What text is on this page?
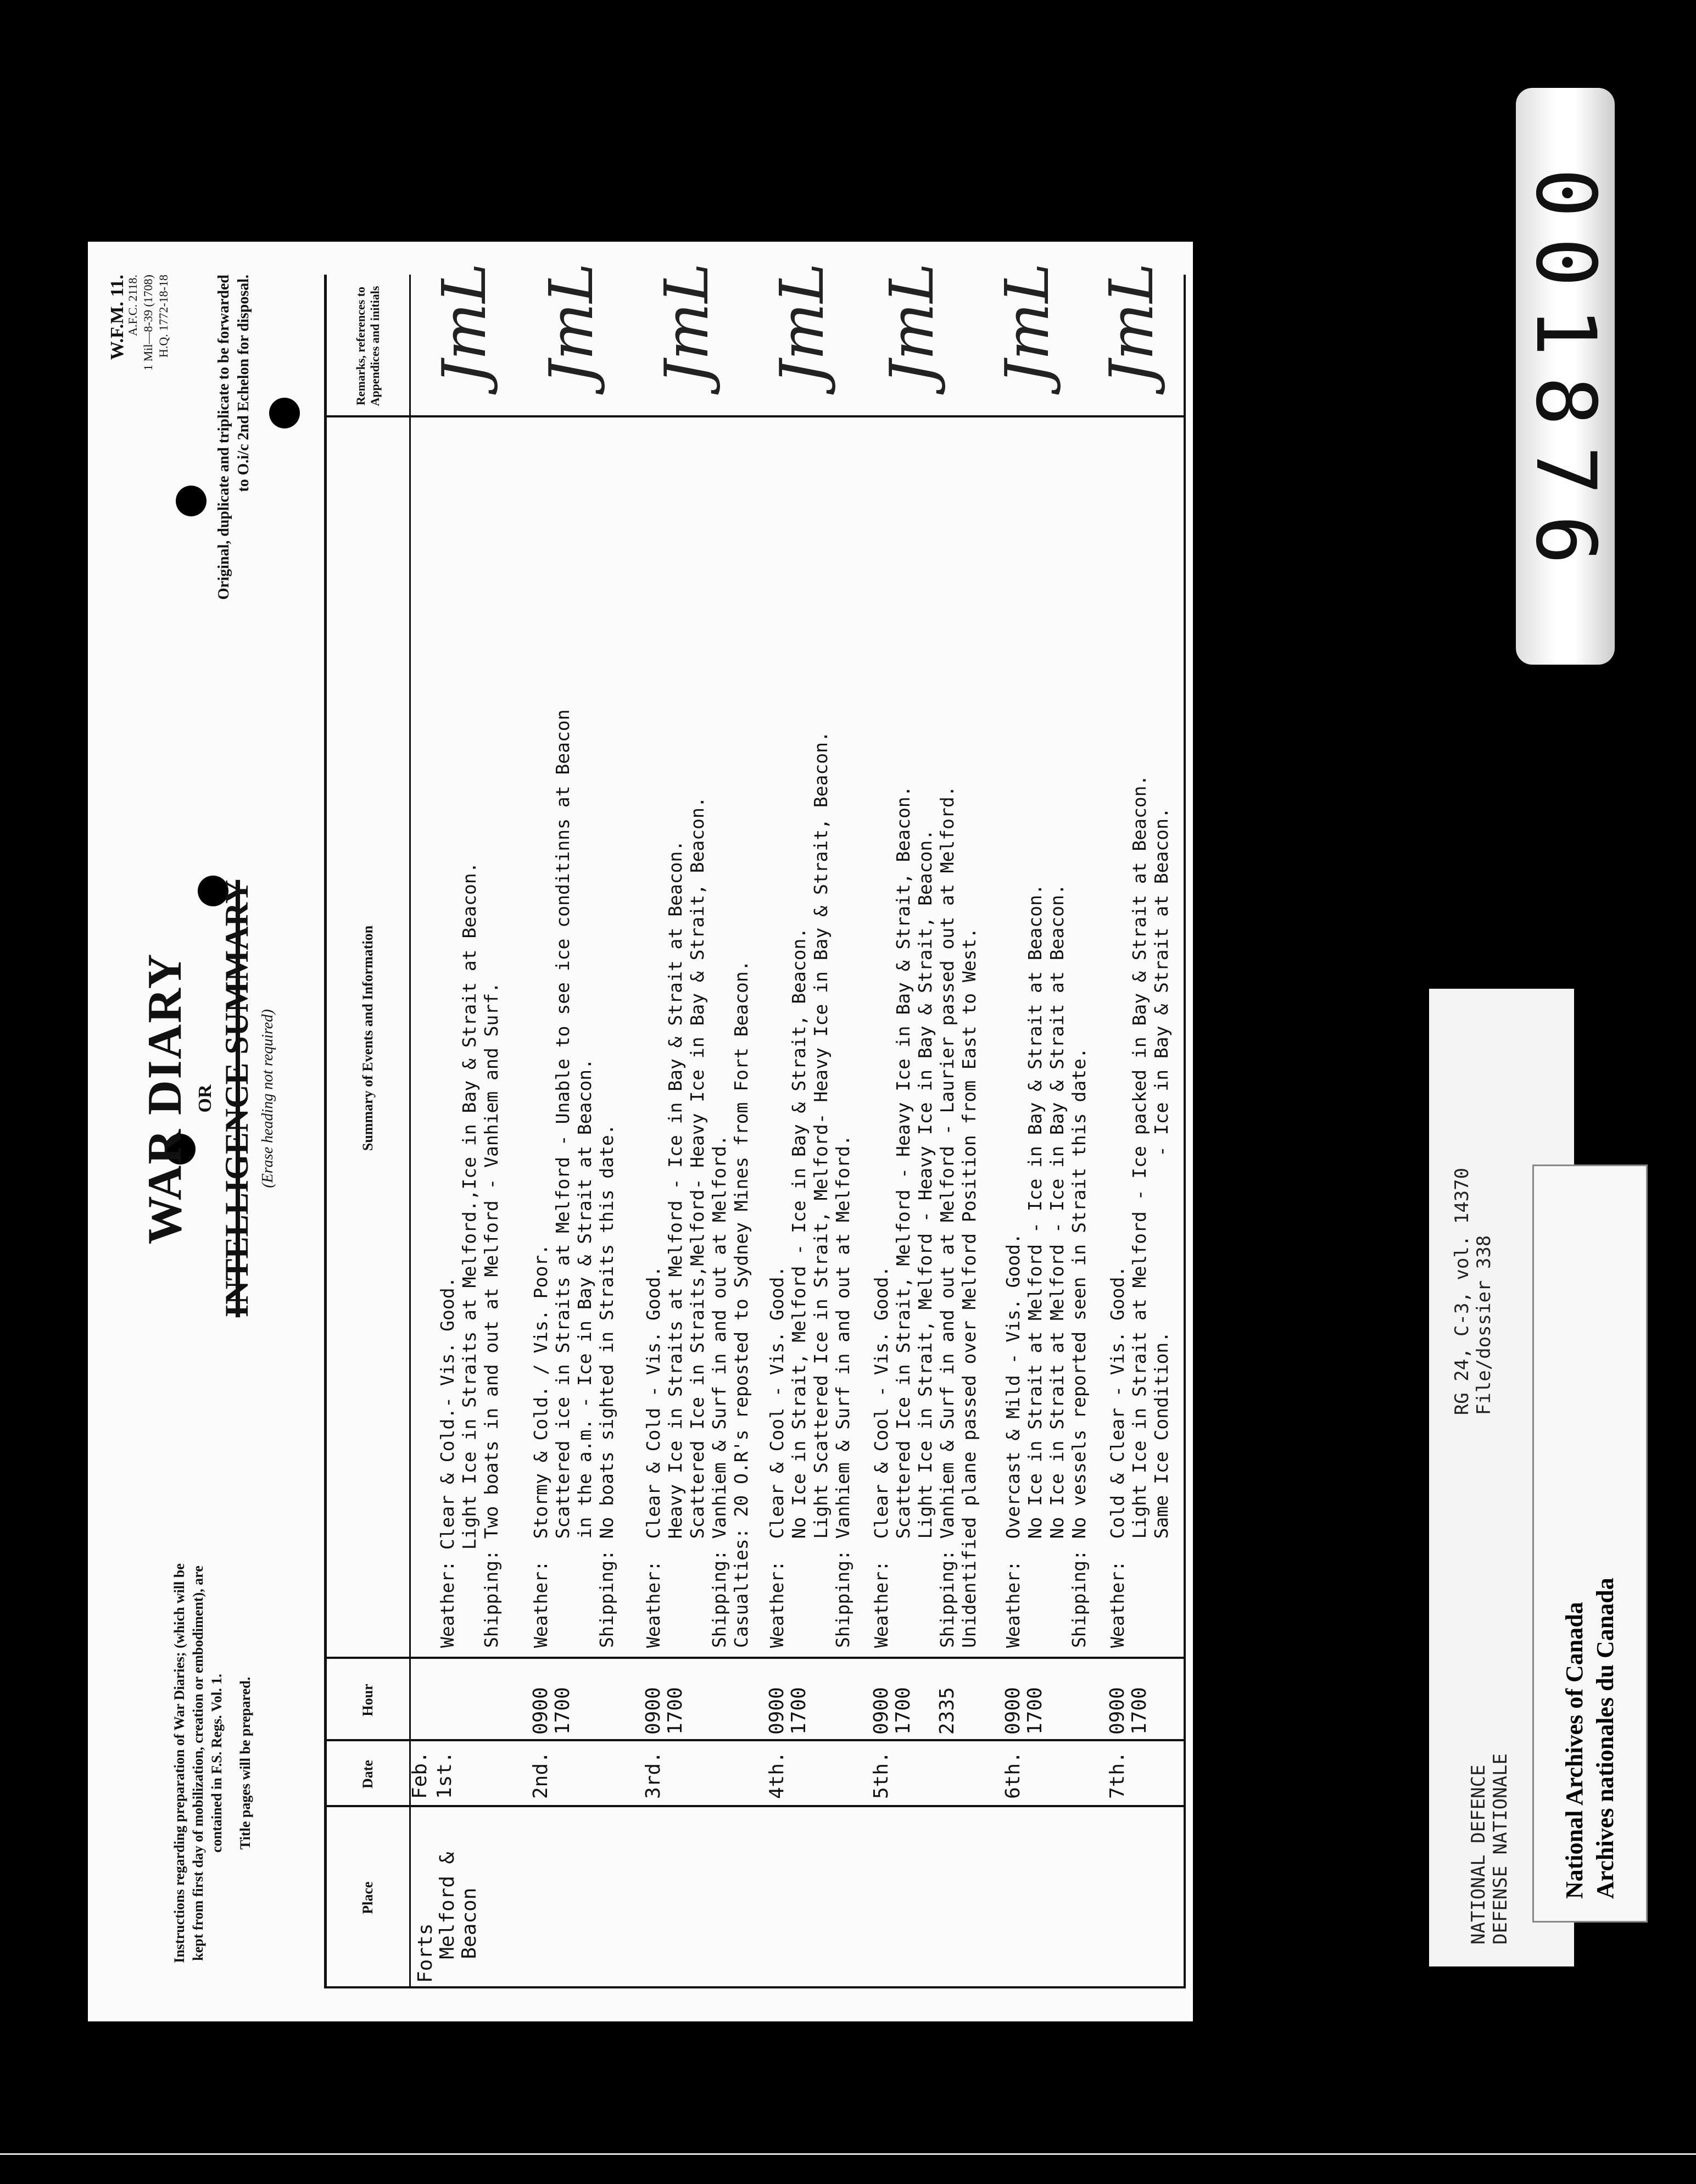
Instructions regarding preparation of War Diaries; (which will be kept from first day of mobilization, creation or embodiment), are contained in F.S. Regs. Vol. 1. Title pages will be prepared.
WAR DIARY OR INTELLIGENCE SUMMARY (Erase heading not required)
W.F.M. 11.
A.F.C. 2118. 1 Mil—8-39 (1708) H.Q. 1772-18-18	Original, duplicate and triplicate to be forwarded to O.i/c 2nd Echelon for disposal.
Place
Date
Hour
Summary of Events and Information
Remarks, references to Appendices and initials
Forts
Melford &
Beacon
Feb. 1st.
Weather: Clear & Cold.- Vis. Good.
Light Ice in Straits at Melford.,Ice in Bay & Strait at Beacon.
Shipping: Two boats in and out at Melford - Vanhiem and Surf.
JmL
2nd.
0900
1700
Weather:  Stormy & Cold. / Vis. Poor.
Scattered ice in Straits at Melford - Unable to see ice conditinns at Beacon
in the a.m. - Ice in Bay & Strait at Beacon.
Shipping: No boats sighted in Straits this date.
JmL
3rd.
0900
1700
Weather:  Clear & Cold - Vis. Good.
Heavy Ice in Straits at Melford - Ice in Bay & Strait at Beacon.
Scattered Ice in Straits,Melford- Heavy Ice in Bay & Strait, Beacon.
Shipping: Vanhiem & Surf in and out at Melford.
Casualties: 20 O.R's reposted to Sydney Mines from Fort Beacon.
JmL
4th.
0900
1700
Weather:  Clear & Cool - Vis. Good.
No Ice in Strait, Melford - Ice in Bay & Strait, Beacon.
Light Scattered Ice in Strait, Melford- Heavy Ice in Bay & Strait, Beacon.
Shipping: Vanhiem & Surf in and out at Melford.
JmL
5th.
0900
1700

2335
Weather:  Clear & Cool - Vis. Good.
Scattered Ice in Strait, Melford - Heavy Ice in Bay & Strait, Beacon.
Light Ice in Strait, Melford - Heavy Ice in Bay & Strait, Beacon.
Shipping: Vanhiem & Surf in and out at Melford - Laurier passed out at Melford.
Unidentified plane passed over Melford Position from East to West.
JmL
6th.
0900
1700
Weather:  Overcast & Mild - Vis. Good.
No Ice in Strait at Melford - Ice in Bay & Strait at Beacon.
No Ice in Strait at Melford - Ice in Bay & Strait at Beacon.
Shipping: No vessels reported seen in Strait this date.
JmL
7th.
0900
1700
Weather:  Cold & Clear - Vis. Good.
Light Ice in Strait at Melford - Ice packed in Bay & Strait at Beacon.
Same Ice Condition.                - Ice in Bay & Strait at Beacon.
JmL	001876
NATIONAL DEFENCE DEFENSE NATIONALE
RG 24, C-3, vol. 14370 File/dossier 338
National Archives of Canada Archives nationales du Canada
